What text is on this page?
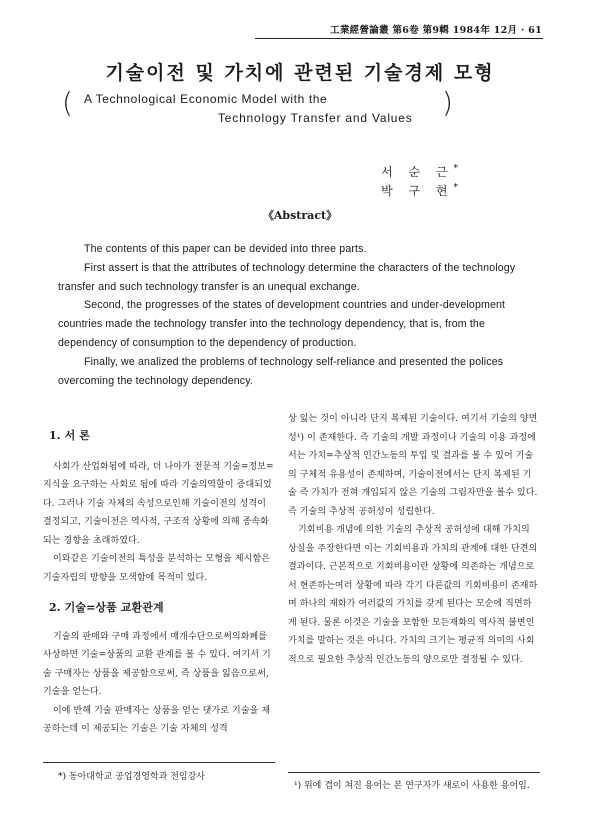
工業經營論叢 第6卷 第9輯 1984年 12月 · 61
기술이전 및 가치에 관련된 기술경제 모형
( A Technological Economic Model with the
Technology Transfer and Values )
서 순 근*
박 구 현*
《Abstract》

The contents of this paper can be devided into three parts.

First assert is that the attributes of technology determine the characters of the technology transfer and such technology transfer is an unequal exchange.

Second, the progresses of the states of development countries and under-development countries made the technology transfer into the technology dependency, that is, from the dependency of consumption to the dependency of production.

Finally, we analized the problems of technology self-reliance and presented the polices overcoming the technology dependency.

1. 서 론

사회가 산업화됨에 따라, 더 나아가 전문적 기술=정보=지식을 요구하는 사회로 됨에 따라 기술의역할이 증대되었다. 그러나 기술 자체의 속성으로인해 기술이전의 성격이 결정되고, 기술이전은 역사적, 구조적 상황에 의해 종속화되는 경향을 초래하였다.

이와같은 기술이전의 특성을 분석하는 모형을 제시함은 기술자립의 방향을 모색함에 목적이 있다.

2. 기술=상품 교환관계

기술의 판매와 구매 과정에서 매개수단으로써의화폐를 사상하면 기술=상품의 교환 관계를 볼 수 있다. 여기서 기술 구매자는 상품을 제공함으로써, 즉 상품을 잃음으로써, 기술을 얻는다.

이에 반해 기술 판매자는 상품을 얻는 댓가로 기술을 제공하는데 이 제공되는 기술은 기술 자체의 성격

*) 동아대학교 공업경영학과 전임강사

상 잃는 것이 아니라 단지 복제된 기술이다. 여기서 기술의 양면성¹) 이 존재한다. 즉 기술의 개발 과정이나 기술의 이용 과정에서는 가치=추상적 인간노동의 투입 및 결과를 볼 수 있어 기술의 구체적 유용성이 존재하며, 기술이전에서는 단지 복제된 기술 즉 가치가 전혀 개입되지 않은 기술의 그림자만을 볼수 있다. 즉 기술의 추상적 공허성이 성립한다.

기회비용 개념에 의한 기술의 추상적 공허성에 대해 가치의 상실을 주장한다면 이는 기회비용과 가치의 관계에 대한 단견의 결과이다. 근본적으로 기회비용이란 상황에 의존하는 개념으로서 현존하는여러 상황에 따라 각기 다른값의 기회비용이 존재하며 하나의 재화가 여러값의 가치를 갖게 된다는 모순에 직면하게 된다. 물론 이것은 기술을 포함한 모든재화의 역사적 불변인 가치를 말하는 것은 아니다. 가치의 크기는 평균적 의미의 사회적으로 필요한 추상적 인간노동의 양으로만 결정될 수 있다.

¹) 위에 겹이 쳐진 용어는 본 연구자가 새로이 사용한 용어임.
